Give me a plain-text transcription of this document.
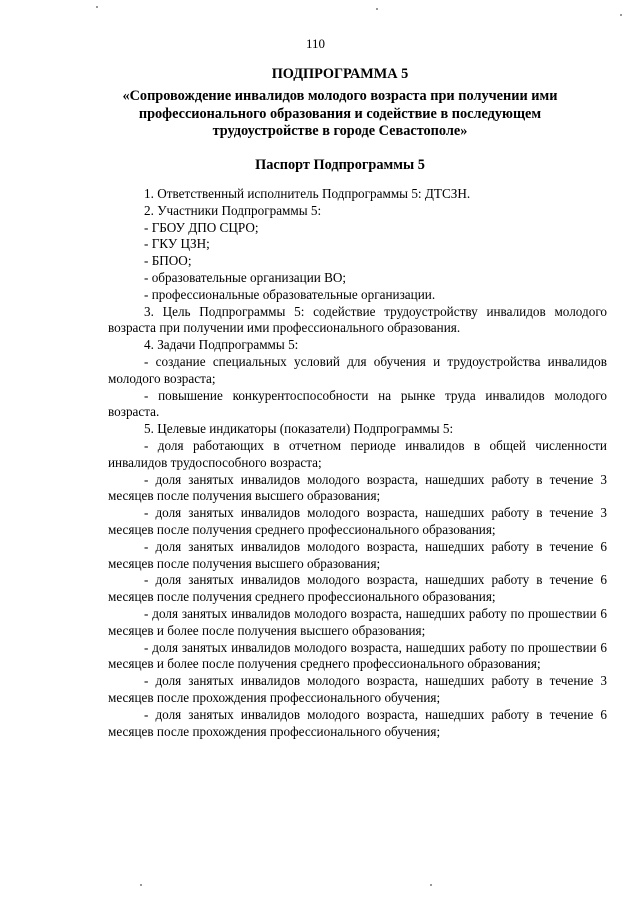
110
ПОДПРОГРАММА 5
«Сопровождение инвалидов молодого возраста при получении ими профессионального образования и содействие в последующем трудоустройстве в городе Севастополе»
Паспорт Подпрограммы 5

1. Ответственный исполнитель Подпрограммы 5: ДТСЗН.

2. Участники Подпрограммы 5:

- ГБОУ ДПО СЦРО;

- ГКУ ЦЗН;

- БПОО;

- образовательные организации ВО;

- профессиональные образовательные организации.

3. Цель Подпрограммы 5: содействие трудоустройству инвалидов молодого возраста при получении ими профессионального образования.

4. Задачи Подпрограммы 5:

- создание специальных условий для обучения и трудоустройства инвалидов молодого возраста;

- повышение конкурентоспособности на рынке труда инвалидов молодого возраста.

5. Целевые индикаторы (показатели) Подпрограммы 5:

- доля работающих в отчетном периоде инвалидов в общей численности инвалидов трудоспособного возраста;

- доля занятых инвалидов молодого возраста, нашедших работу в течение 3 месяцев после получения высшего образования;

- доля занятых инвалидов молодого возраста, нашедших работу в течение 3 месяцев после получения среднего профессионального образования;

- доля занятых инвалидов молодого возраста, нашедших работу в течение 6 месяцев после получения высшего образования;

- доля занятых инвалидов молодого возраста, нашедших работу в течение 6 месяцев после получения среднего профессионального образования;

- доля занятых инвалидов молодого возраста, нашедших работу по прошествии 6 месяцев и более после получения высшего образования;

- доля занятых инвалидов молодого возраста, нашедших работу по прошествии 6 месяцев и более после получения среднего профессионального образования;

- доля занятых инвалидов молодого возраста, нашедших работу в течение 3 месяцев после прохождения профессионального обучения;

- доля занятых инвалидов молодого возраста, нашедших работу в течение 6 месяцев после прохождения профессионального обучения;
